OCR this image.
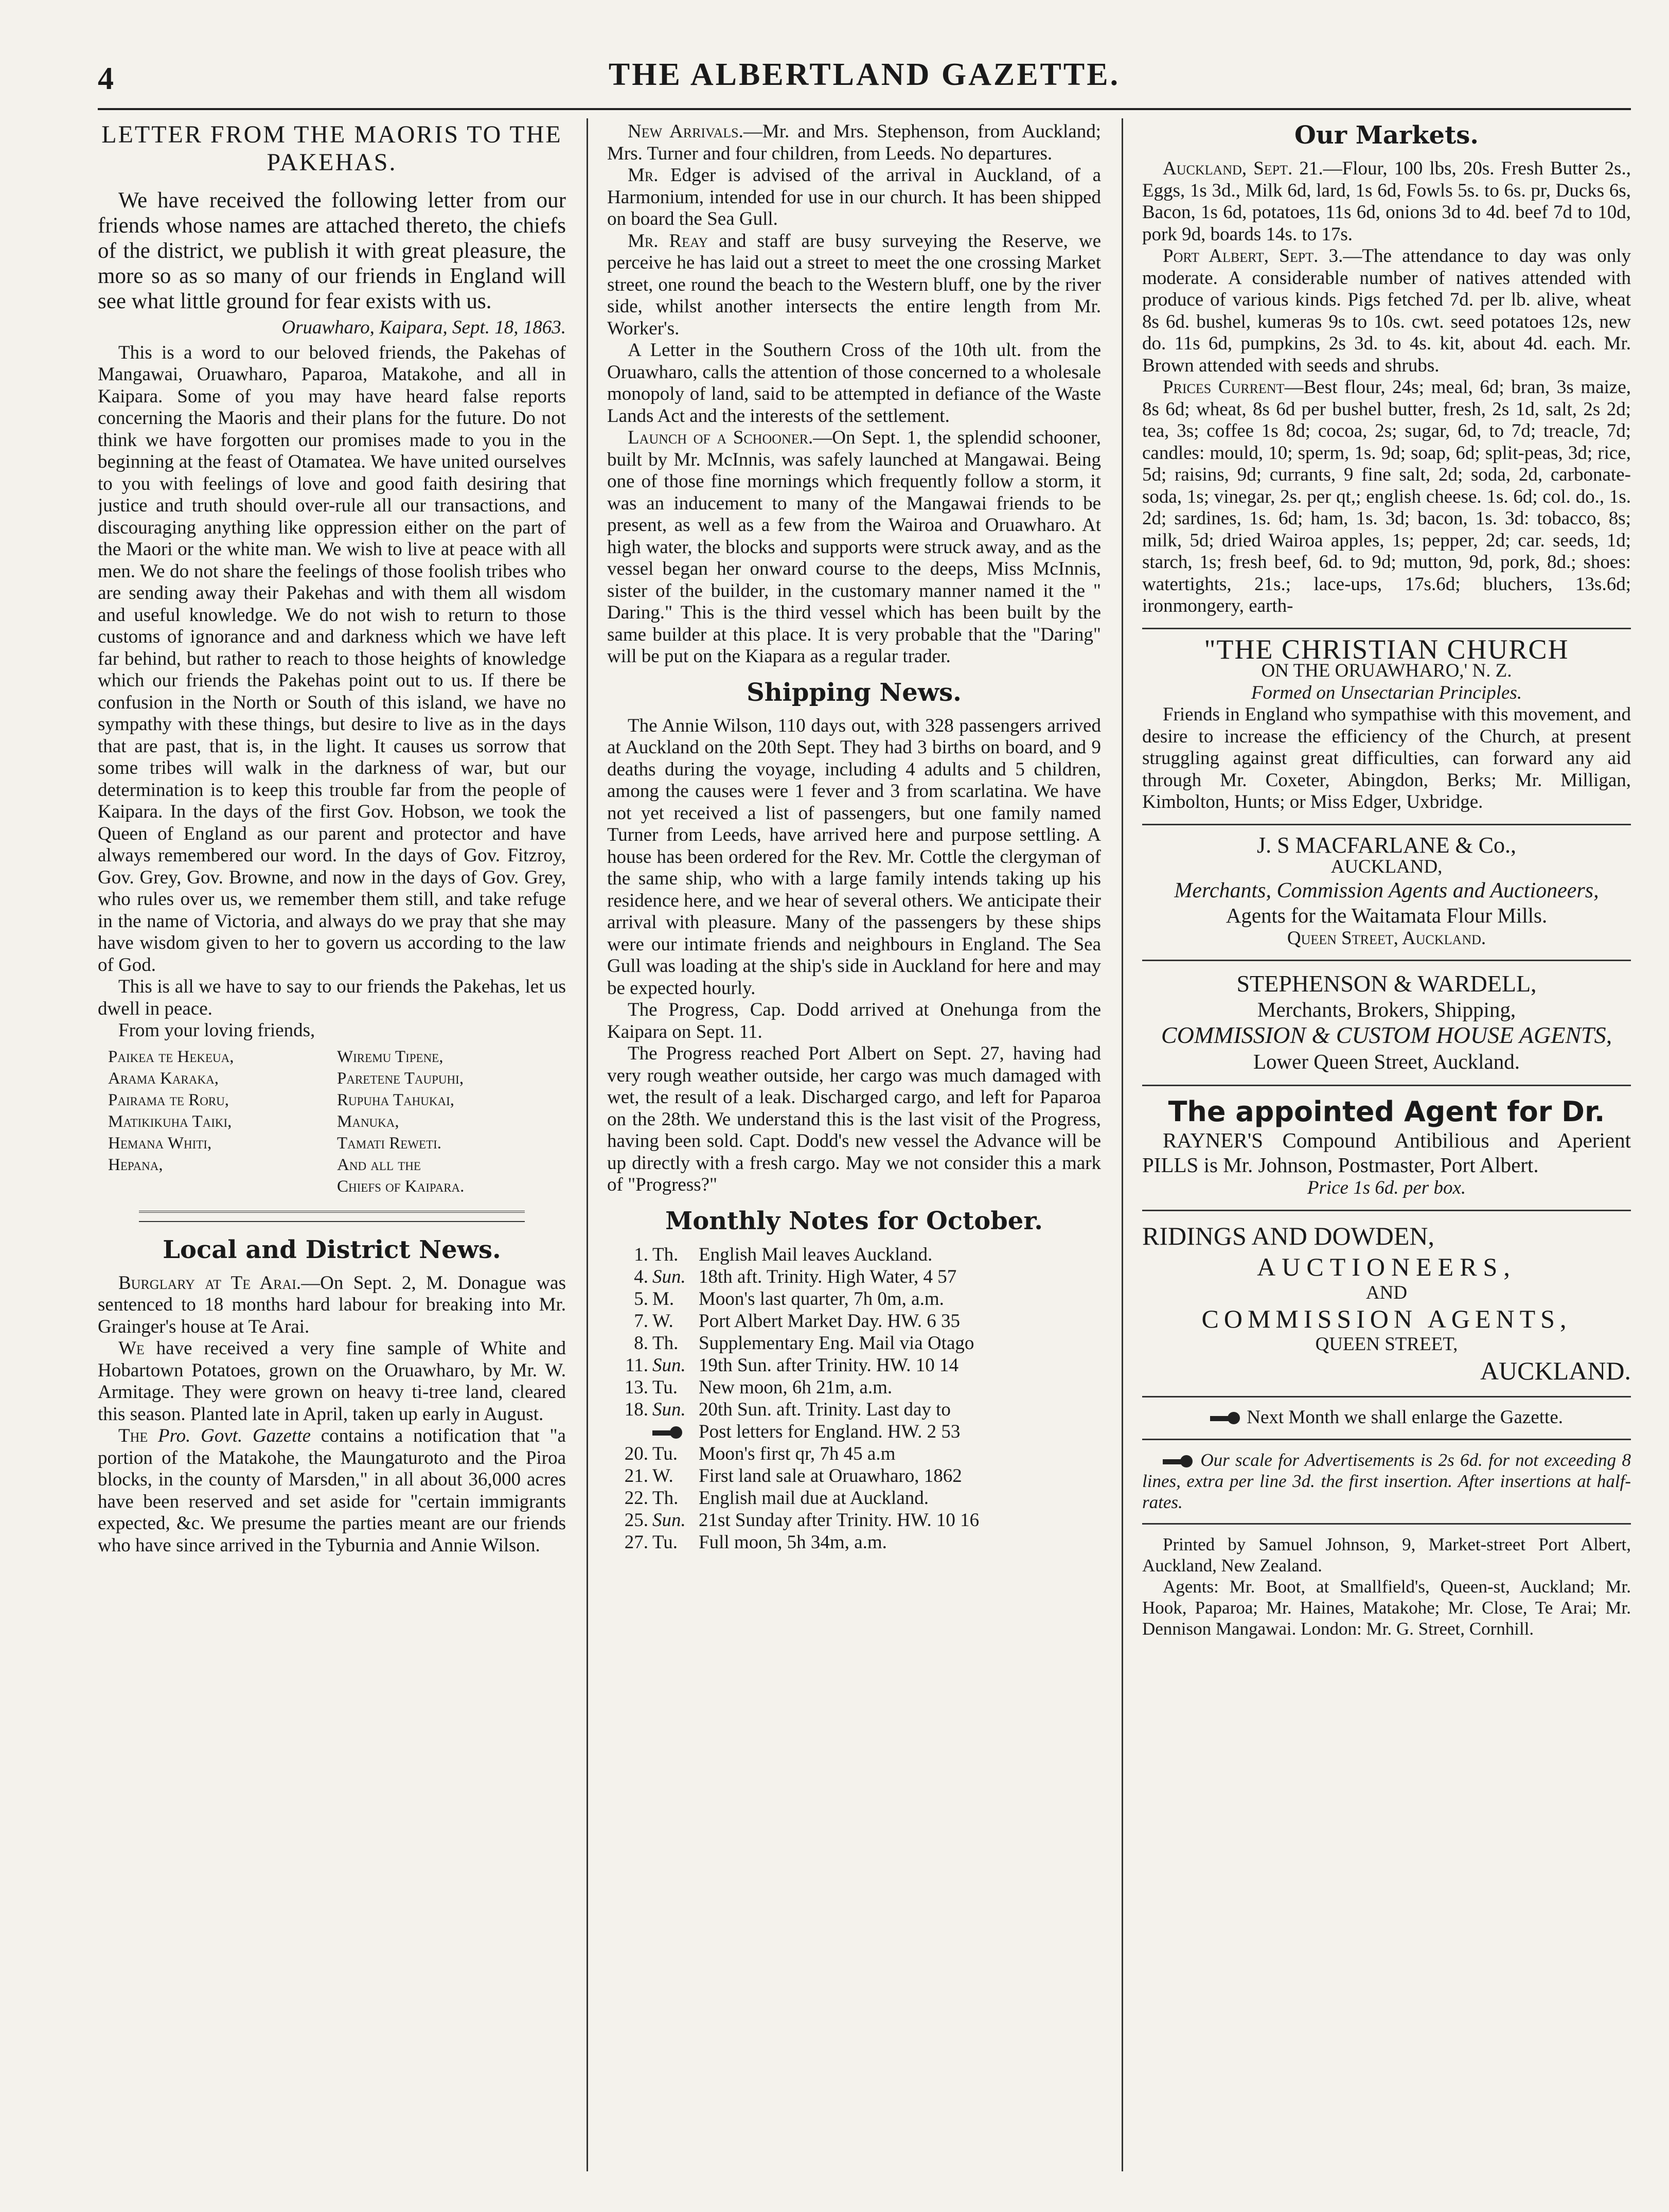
4	THE ALBERTLAND GAZETTE.
LETTER FROM THE MAORIS TO THE PAKEHAS.

We have received the following letter from our friends whose names are attached thereto, the chiefs of the district, we publish it with great pleasure, the more so as so many of our friends in England will see what little ground for fear exists with us.

Oruawharo, Kaipara, Sept. 18, 1863.

This is a word to our beloved friends, the Pakehas of Mangawai, Oruawharo, Paparoa, Matakohe, and all in Kaipara. Some of you may have heard false reports concerning the Maoris and their plans for the future. Do not think we have forgotten our promises made to you in the beginning at the feast of Otamatea. We have united ourselves to you with feelings of love and good faith desiring that justice and truth should over-rule all our transactions, and discouraging anything like oppression either on the part of the Maori or the white man. We wish to live at peace with all men. We do not share the feelings of those foolish tribes who are sending away their Pakehas and with them all wisdom and useful knowledge. We do not wish to return to those customs of ignorance and and darkness which we have left far behind, but rather to reach to those heights of knowledge which our friends the Pakehas point out to us. If there be confusion in the North or South of this island, we have no sympathy with these things, but desire to live as in the days that are past, that is, in the light. It causes us sorrow that some tribes will walk in the darkness of war, but our determination is to keep this trouble far from the people of Kaipara. In the days of the first Gov. Hobson, we took the Queen of England as our parent and protector and have always remembered our word. In the days of Gov. Fitzroy, Gov. Grey, Gov. Browne, and now in the days of Gov. Grey, who rules over us, we remember them still, and take refuge in the name of Victoria, and always do we pray that she may have wisdom given to her to govern us according to the law of God.

This is all we have to say to our friends the Pakehas, let us dwell in peace.

From your loving friends,

Paikea te Hekeua,	Wiremu Tipene,
Arama Karaka,	Paretene Taupuhi,
Pairama te Roru,	Rupuha Tahukai,
Matikikuha Taiki,	Manuka,
Hemana Whiti,	Tamati Reweti.
Hepana,	And all the
Chiefs of Kaipara.
Local and District News.

Burglary at Te Arai.—On Sept. 2, M. Donague was sentenced to 18 months hard labour for breaking into Mr. Grainger's house at Te Arai.

We have received a very fine sample of White and Hobartown Potatoes, grown on the Oruawharo, by Mr. W. Armitage. They were grown on heavy ti-tree land, cleared this season. Planted late in April, taken up early in August.

The Pro. Govt. Gazette contains a notification that "a portion of the Matakohe, the Maungaturoto and the Piroa blocks, in the county of Marsden," in all about 36,000 acres have been reserved and set aside for "certain immigrants expected, &c. We presume the parties meant are our friends who have since arrived in the Tyburnia and Annie Wilson.

New Arrivals.—Mr. and Mrs. Stephenson, from Auckland; Mrs. Turner and four children, from Leeds. No departures.

Mr. Edger is advised of the arrival in Auckland, of a Harmonium, intended for use in our church. It has been shipped on board the Sea Gull.

Mr. Reay and staff are busy surveying the Reserve, we perceive he has laid out a street to meet the one crossing Market street, one round the beach to the Western bluff, one by the river side, whilst another intersects the entire length from Mr. Worker's.

A Letter in the Southern Cross of the 10th ult. from the Oruawharo, calls the attention of those concerned to a wholesale monopoly of land, said to be attempted in defiance of the Waste Lands Act and the interests of the settlement.

Launch of a Schooner.—On Sept. 1, the splendid schooner, built by Mr. McInnis, was safely launched at Mangawai. Being one of those fine mornings which frequently follow a storm, it was an inducement to many of the Mangawai friends to be present, as well as a few from the Wairoa and Oruawharo. At high water, the blocks and supports were struck away, and as the vessel began her onward course to the deeps, Miss McInnis, sister of the builder, in the customary manner named it the " Daring." This is the third vessel which has been built by the same builder at this place. It is very probable that the "Daring" will be put on the Kiapara as a regular trader.

Shipping News.

The Annie Wilson, 110 days out, with 328 passengers arrived at Auckland on the 20th Sept. They had 3 births on board, and 9 deaths during the voyage, including 4 adults and 5 children, among the causes were 1 fever and 3 from scarlatina. We have not yet received a list of passengers, but one family named Turner from Leeds, have arrived here and purpose settling. A house has been ordered for the Rev. Mr. Cottle the clergyman of the same ship, who with a large family intends taking up his residence here, and we hear of several others. We anticipate their arrival with pleasure. Many of the passengers by these ships were our intimate friends and neighbours in England. The Sea Gull was loading at the ship's side in Auckland for here and may be expected hourly.

The Progress, Cap. Dodd arrived at Onehunga from the Kaipara on Sept. 11.

The Progress reached Port Albert on Sept. 27, having had very rough weather outside, her cargo was much damaged with wet, the result of a leak. Discharged cargo, and left for Paparoa on the 28th. We understand this is the last visit of the Progress, having been sold. Capt. Dodd's new vessel the Advance will be up directly with a fresh cargo. May we not consider this a mark of "Progress?"

Monthly Notes for October.
1. Th.	English Mail leaves Auckland.
4. Sun. 18th aft. Trinity. High Water, 4 57
5. M.	Moon's last quarter, 7h 0m, a.m.
7. W.	Port Albert Market Day. HW. 6 35
8. Th.	Supplementary Eng. Mail via Otago
11. Sun. 19th Sun. after Trinity. HW. 10 14
13. Tu.	New moon, 6h 21m, a.m.
18. Sun. 20th Sun. aft. Trinity. Last day to
Post letters for England. HW. 2 53
20. Tu.	Moon's first qr, 7h 45 a.m
21. W.	First land sale at Oruawharo, 1862
22. Th.	English mail due at Auckland.
25. Sun. 21st Sunday after Trinity. HW. 10 16
27. Tu.	Full moon, 5h 34m, a.m.
Our Markets.

Auckland, Sept. 21.—Flour, 100 lbs, 20s. Fresh Butter 2s., Eggs, 1s 3d., Milk 6d, lard, 1s 6d, Fowls 5s. to 6s. pr, Ducks 6s, Bacon, 1s 6d, potatoes, 11s 6d, onions 3d to 4d. beef 7d to 10d, pork 9d, boards 14s. to 17s.

Port Albert, Sept. 3.—The attendance to day was only moderate. A considerable number of natives attended with produce of various kinds. Pigs fetched 7d. per lb. alive, wheat 8s 6d. bushel, kumeras 9s to 10s. cwt. seed potatoes 12s, new do. 11s 6d, pumpkins, 2s 3d. to 4s. kit, about 4d. each. Mr. Brown attended with seeds and shrubs.

Prices Current—Best flour, 24s; meal, 6d; bran, 3s maize, 8s 6d; wheat, 8s 6d per bushel butter, fresh, 2s 1d, salt, 2s 2d; tea, 3s; coffee 1s 8d; cocoa, 2s; sugar, 6d, to 7d; treacle, 7d; candles: mould, 10; sperm, 1s. 9d; soap, 6d; split-peas, 3d; rice, 5d; raisins, 9d; currants, 9 fine salt, 2d; soda, 2d, carbonate-soda, 1s; vinegar, 2s. per qt,; english cheese. 1s. 6d; col. do., 1s. 2d; sardines, 1s. 6d; ham, 1s. 3d; bacon, 1s. 3d: tobacco, 8s; milk, 5d; dried Wairoa apples, 1s; pepper, 2d; car. seeds, 1d; starch, 1s; fresh beef, 6d. to 9d; mutton, 9d, pork, 8d.; shoes: watertights, 21s.; lace-ups, 17s.6d; bluchers, 13s.6d; ironmongery, earth-

"THE CHRISTIAN CHURCH

ON THE ORUAWHARO,' N. Z.

Formed on Unsectarian Principles.

Friends in England who sympathise with this movement, and desire to increase the efficiency of the Church, at present struggling against great difficulties, can forward any aid through Mr. Coxeter, Abingdon, Berks; Mr. Milligan, Kimbolton, Hunts; or Miss Edger, Uxbridge.

J. S MACFARLANE & Co.,

AUCKLAND,

Merchants, Commission Agents and Auctioneers,

Agents for the Waitamata Flour Mills.

Queen Street, Auckland.

STEPHENSON & WARDELL,

Merchants, Brokers, Shipping,

COMMISSION & CUSTOM HOUSE AGENTS,

Lower Queen Street, Auckland.

The appointed Agent for Dr.

RAYNER'S Compound Antibilious and Aperient PILLS is Mr. Johnson, Postmaster, Port Albert.

Price 1s 6d. per box.

RIDINGS AND DOWDEN,

AUCTIONEERS,

AND

COMMISSION AGENTS,

QUEEN STREET,

AUCKLAND.

Next Month we shall enlarge the Gazette.

Our scale for Advertisements is 2s 6d. for not exceeding 8 lines, extra per line 3d. the first insertion. After insertions at half-rates.

Printed by Samuel Johnson, 9, Market-street Port Albert, Auckland, New Zealand.

Agents: Mr. Boot, at Smallfield's, Queen-st, Auckland; Mr. Hook, Paparoa; Mr. Haines, Matakohe; Mr. Close, Te Arai; Mr. Dennison Mangawai. London: Mr. G. Street, Cornhill.
